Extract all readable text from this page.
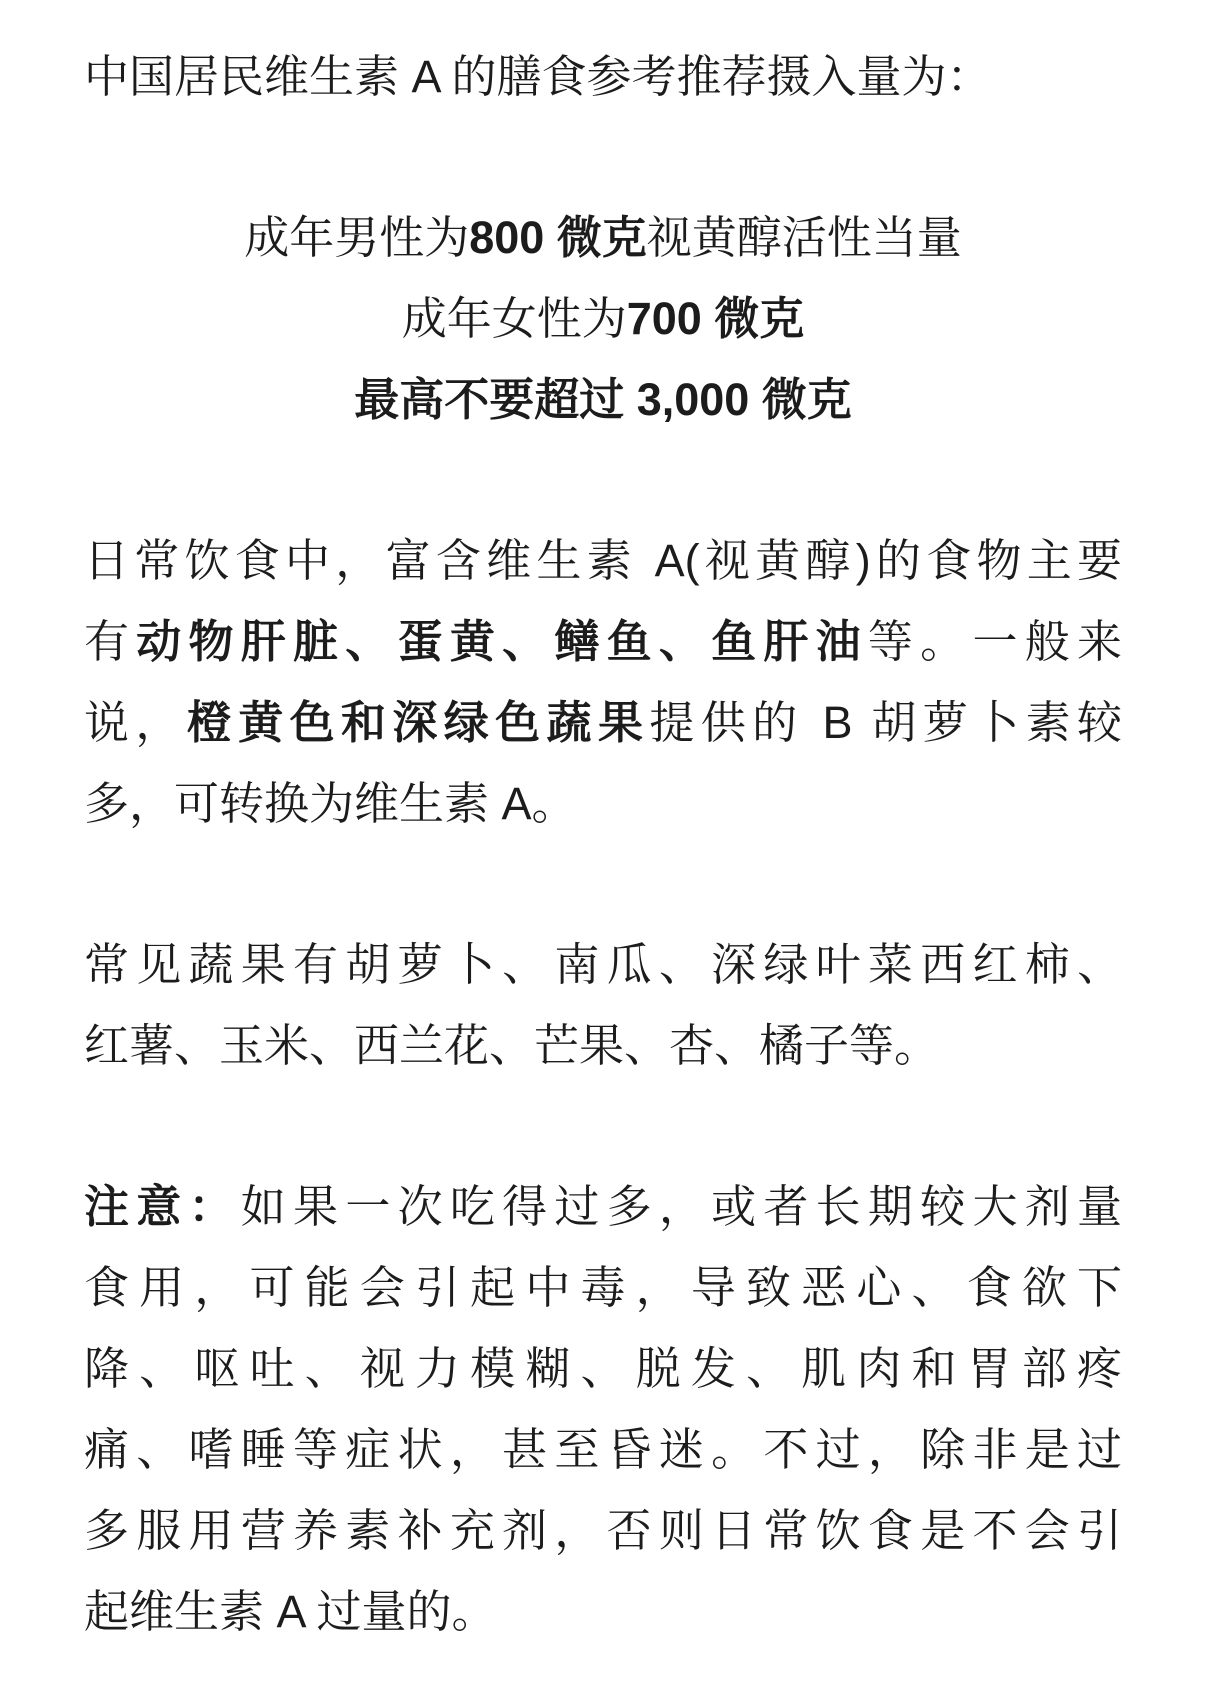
中国居民维生素 A 的膳食参考推荐摄入量为：
成年男性为800 微克视黄醇活性当量
成年女性为700 微克
最高不要超过 3,000 微克
日常饮食中，富含维生素 A(视黄醇)的食物主要
有动物肝脏、蛋黄、鳝鱼、鱼肝油等。一般来
说，橙黄色和深绿色蔬果提供的 B 胡萝卜素较
多，可转换为维生素 A。
常见蔬果有胡萝卜、南瓜、深绿叶菜西红柿、
红薯、玉米、西兰花、芒果、杏、橘子等。
注意：如果一次吃得过多，或者长期较大剂量
食用，可能会引起中毒，导致恶心、食欲下
降、呕吐、视力模糊、脱发、肌肉和胃部疼
痛、嗜睡等症状，甚至昏迷。不过，除非是过
多服用营养素补充剂，否则日常饮食是不会引
起维生素 A 过量的。
